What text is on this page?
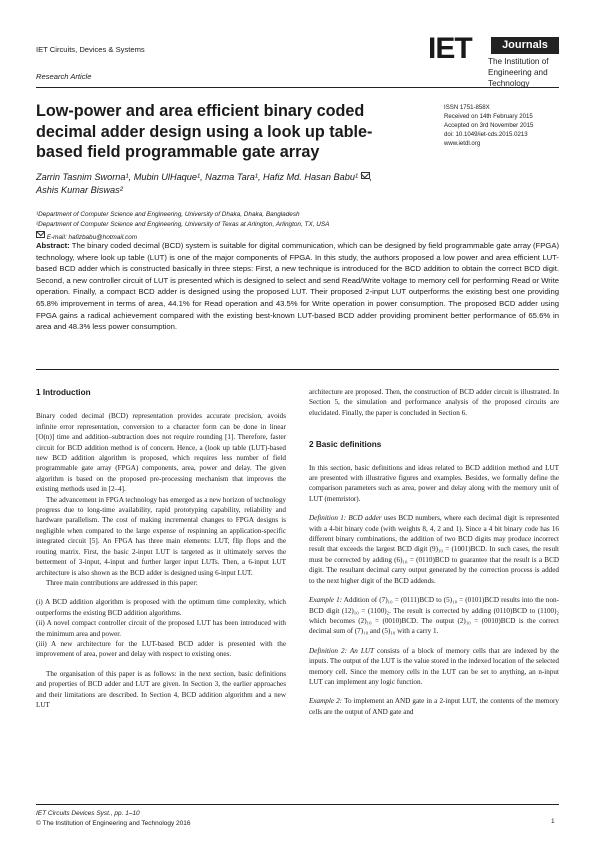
IET Circuits, Devices & Systems
Research Article
IET	Journals
The Institution of
Engineering and Technology
Low-power and area efficient binary coded decimal adder design using a look up table-based field programmable gate array
ISSN 1751-858X
Received on 14th February 2015
Accepted on 3rd November 2015
doi: 10.1049/iet-cds.2015.0213
www.ietdl.org
Zarrin Tasnim Sworna¹, Mubin UlHaque¹, Nazma Tara¹, Hafiz Md. Hasan Babu¹ ,
Ashis Kumar Biswas²
¹Department of Computer Science and Engineering, University of Dhaka, Dhaka, Bangladesh
²Department of Computer Science and Engineering, University of Texas at Arlington, Arlington, TX, USA
E-mail: hafizbabu@hotmail.com
Abstract: The binary coded decimal (BCD) system is suitable for digital communication, which can be designed by field programmable gate array (FPGA) technology, where look up table (LUT) is one of the major components of FPGA. In this study, the authors proposed a low power and area efficient LUT-based BCD adder which is constructed basically in three steps: First, a new technique is introduced for the BCD addition to obtain the correct BCD digit. Second, a new controller circuit of LUT is presented which is designed to select and send Read/Write voltage to memory cell for performing Read or Write operation. Finally, a compact BCD adder is designed using the proposed LUT. Their proposed 2-input LUT outperforms the existing best one providing 65.8% improvement in terms of area, 44.1% for Read operation and 43.5% for Write operation in power consumption. The proposed BCD adder using FPGA gains a radical achievement compared with the existing best-known LUT-based BCD adder providing prominent better performance of 65.6% in area and 48.3% less power consumption.
1 Introduction

Binary coded decimal (BCD) representation provides accurate precision, avoids infinite error representation, conversion to a character form can be done in linear [O(n)] time and addition–subtraction does not require rounding [1]. Therefore, faster circuit for BCD addition method is of concern. Hence, a (look up table (LUT)-based new BCD addition algorithm is proposed, which requires less number of field programmable gate array (FPGA) components, area, power and delay. The given algorithm is based on the proposed pre-processing mechanism that improves the existing methods used in [2–4].

The advancement in FPGA technology has emerged as a new horizon of technology progress due to long-time availability, rapid prototyping capability, reliability and hardware parallelism. The cost of making incremental changes to FPGA designs is negligible when compared to the large expense of respinning an application-specific integrated circuit [5]. An FPGA has three main elements: LUT, flip flops and the routing matrix. First, the basic 2-input LUT is targeted as it ultimately serves the betterment of 3-input, 4-input and further larger input LUTs. Then, a 6-input LUT architecture is also shown as the BCD adder is designed using 6-input LUT.

Three main contributions are addressed in this paper:

(i) A BCD addition algorithm is proposed with the optimum time complexity, which outperforms the existing BCD addition algorithms.

(ii) A novel compact controller circuit of the proposed LUT has been introduced with the minimum area and power.

(iii) A new architecture for the LUT-based BCD adder is presented with the improvement of area, power and delay with respect to existing ones.

The organisation of this paper is as follows: in the next section, basic definitions and properties of BCD adder and LUT are given. In Section 3, the earlier approaches and their limitations are described. In Section 4, BCD addition algorithm and a new LUT

architecture are proposed. Then, the construction of BCD adder circuit is illustrated. In Section 5, the simulation and performance analysis of the proposed circuits are elucidated. Finally, the paper is concluded in Section 6.

2 Basic definitions

In this section, basic definitions and ideas related to BCD addition method and LUT are presented with illustrative figures and examples. Besides, we formally define the comparison parameters such as area, power and delay along with the memory unit of LUT (memristor).

Definition 1: BCD adder uses BCD numbers, where each decimal digit is represented with a 4-bit binary code (with weights 8, 4, 2 and 1). Since a 4 bit binary code has 16 different binary combinations, the addition of two BCD digits may produce incorrect result that exceeds the largest BCD digit (9)₁₀ = (1001)BCD. In such cases, the result must be corrected by adding (6)₁₀ = (0110)BCD to guarantee that the result is a BCD digit. The resultant decimal carry output generated by the correction process is added to the next higher digit of the BCD addends.

Example 1: Addition of (7)₁₀ = (0111)BCD to (5)₁₀ = (0101)BCD results into the non-BCD digit (12)₁₀ = (1100)₂. The result is corrected by adding (0110)BCD to (1100)₂ which becomes (2)₁₀ = (0010)BCD. The output (2)₁₀ = (0010)BCD is the correct decimal sum of (7)₁₀ and (5)₁₀ with a carry 1.

Definition 2: An LUT consists of a block of memory cells that are indexed by the inputs. The output of the LUT is the value stored in the indexed location of the selected memory cell. Since the memory cells in the LUT can be set to anything, an n-input LUT can implement any logic function.

Example 2: To implement an AND gate in a 2-input LUT, the contents of the memory cells are the output of AND gate and

IET Circuits Devices Syst., pp. 1–10
© The Institution of Engineering and Technology 2016	1
